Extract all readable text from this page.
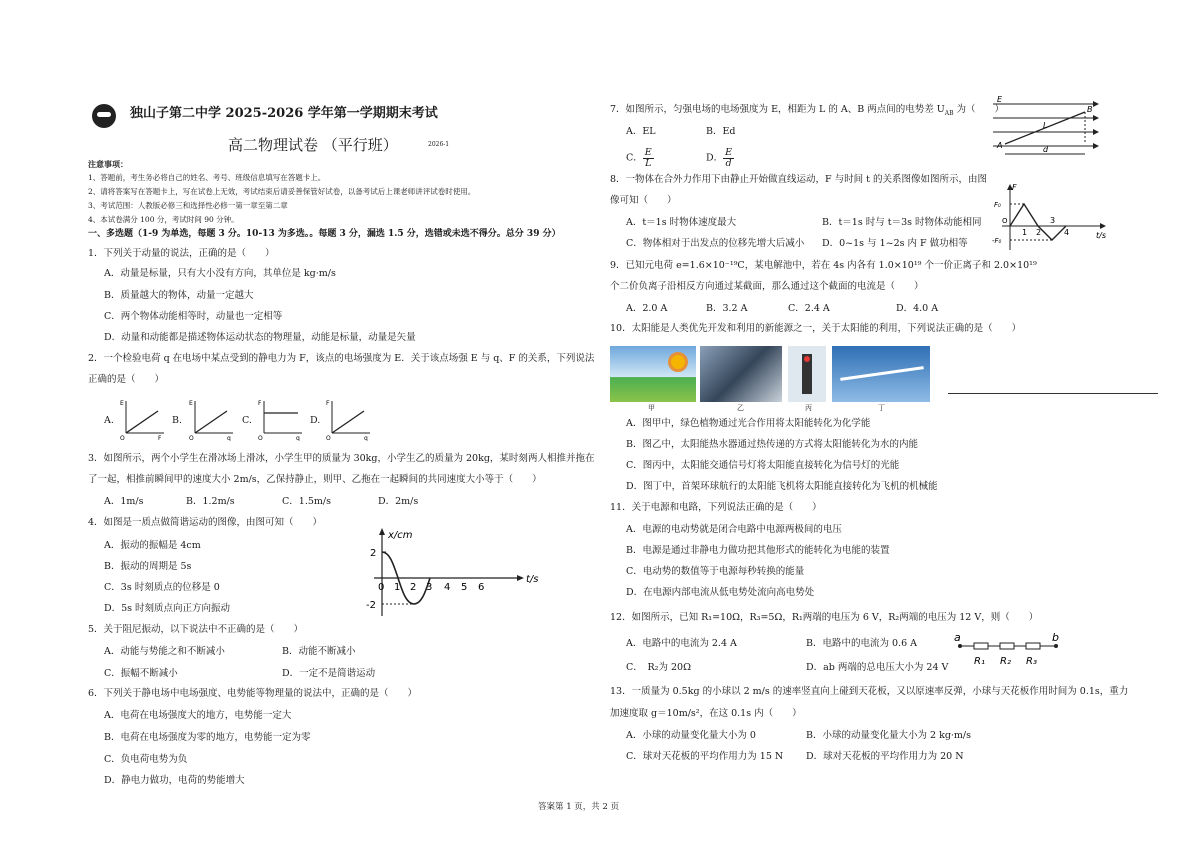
独山子第二中学 2025-2026 学年第一学期期末考试
高二物理试卷 （平行班）	2026-1
注意事项：
1、答题前，考生务必将自己的姓名、考号、班级信息填写在答题卡上。
2、请将答案写在答题卡上，写在试卷上无效，考试结束后请妥善保管好试卷，以备考试后上课老师讲评试卷时使用。
3、考试范围：人教版必修三和选择性必修一第一章至第二章
4、本试卷满分 100 分，考试时间 90 分钟。
一、多选题（1-9 为单选，每题 3 分。10-13 为多选。。每题 3 分，漏选 1.5 分，选错或未选不得分。总分 39 分）
1．下列关于动量的说法，正确的是（　　）
A．动量是标量，只有大小没有方向，其单位是 kg·m/s
B．质量越大的物体，动量一定越大
C．两个物体动能相等时，动量也一定相等
D．动量和动能都是描述物体运动状态的物理量，动能是标量，动量是矢量
2．一个检验电荷 q 在电场中某点受到的静电力为 F，该点的电场强度为 E．关于该点场强 E 与 q、F 的关系，下列说法
正确的是（　　）
A.	B.	C.	D.
E
F
O
E
q
O
F
q
O
F
q
O
3．如图所示，两个小学生在滑冰场上滑冰，小学生甲的质量为 30kg，小学生乙的质量为 20kg，某时刻两人相推并拖在
了一起，相推前瞬间甲的速度大小 2m/s，乙保持静止，则甲、乙拖在一起瞬间的共同速度大小等于（　　）
A．1m/s	B．1.2m/s	C．1.5m/s	D．2m/s
4．如图是一质点做简谐运动的图像，由图可知（　　）
A．振动的振幅是 4cm
B．振动的周期是 5s
C．3s 时刻质点的位移是 0
D．5s 时刻质点向正方向振动
x/cm
t/s
2
-2
0 1 2 3 4 5 6
5．关于阻尼振动，以下说法中不正确的是（　　）
A．动能与势能之和不断减小	B．动能不断减小
C．振幅不断减小	D．一定不是简谐运动
6．下列关于静电场中电场强度、电势能等物理量的说法中，正确的是（　　）
A．电荷在电场强度大的地方，电势能一定大
B．电荷在电场强度为零的地方，电势能一定为零
C．负电荷电势为负
D．静电力做功，电荷的势能增大
7．如图所示，匀强电场的电场强度为 E，相距为 L 的 A、B 两点间的电势差 $U_{AB}$ 为（　　）
A．EL	B．Ed
C． $\frac{E}{L}$	D． $\frac{E}{d}$
E
B
L
A	d
8．一物体在合外力作用下由静止开始做直线运动，F 与时间 t 的关系图像如图所示，由图
像可知（　　）
A．t＝1s 时物体速度最大	B．t＝1s 时与 t＝3s 时物体动能相同
C．物体相对于出发点的位移先增大后减小 D．0~1s 与 1~2s 内 F 做功相等
F
F₀
-F₀
O
t/s
1 2
3
4
9．已知元电荷 e=1.6×10⁻¹⁹C，某电解池中，若在 4s 内各有 1.0×10¹⁹ 个一价正离子和 2.0×10¹⁹
个二价负离子沿相反方向通过某截面，那么通过这个截面的电流是（　　）
A．2.0 A	B．3.2 A	C．2.4 A	D．4.0 A
10．太阳能是人类优先开发和利用的新能源之一，关于太阳能的利用，下列说法正确的是（　　）
甲	乙	丙	丁
A．图甲中，绿色植物通过光合作用将太阳能转化为化学能
B．图乙中，太阳能热水器通过热传递的方式将太阳能转化为水的内能
C．图丙中，太阳能交通信号灯将太阳能直接转化为信号灯的光能
D．图丁中，首架环球航行的太阳能飞机将太阳能直接转化为飞机的机械能
11．关于电源和电路，下列说法正确的是（　　）
A．电源的电动势就是闭合电路中电源两极间的电压
B．电源是通过非静电力做功把其他形式的能转化为电能的装置
C．电动势的数值等于电源每秒转换的能量
D．在电源内部电流从低电势处流向高电势处
12．如图所示，已知 R₁=10Ω，R₃=5Ω，R₁两端的电压为 6 V，R₂两端的电压为 12 V，则（　　）
A．电路中的电流为 2.4 A	B．电路中的电流为 0.6 A
C．　R₂为 20Ω	D．ab 两端的总电压大小为 24 V
a	b
R₁ R₂ R₃
13．一质量为 0.5kg 的小球以 2 m/s 的速率竖直向上碰到天花板，又以原速率反弹，小球与天花板作用时间为 0.1s，重力
加速度取 g＝10m/s²，在这 0.1s 内（　　）
A．小球的动量变化量大小为 0	B．小球的动量变化量大小为 2 kg·m/s
C．球对天花板的平均作用力为 15 N D．球对天花板的平均作用力为 20 N
答案第 1 页，共 2 页
